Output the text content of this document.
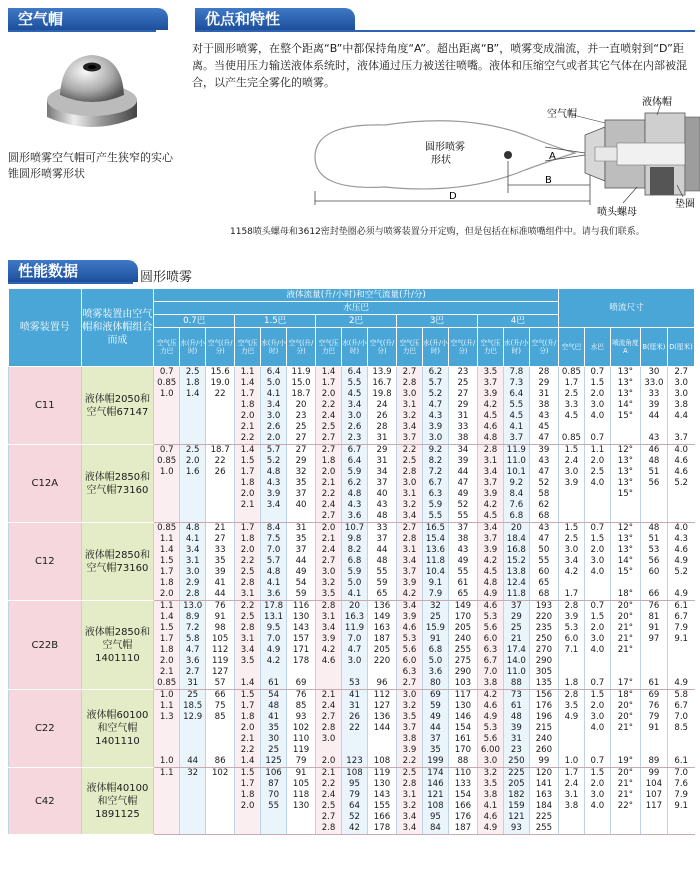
空气帽	优点和特性
圆形喷雾空气帽可产生狭窄的实心锥圆形喷雾形状
对于圆形喷雾，在整个距离“B”中都保持角度“A”。超出距离“B”，喷雾变成湍流，并一直喷射到“D”距离。当使用压力输送液体系统时，液体通过压力被送往喷嘴。液体和压缩空气或者其它气体在内部被混合，以产生完全雾化的喷雾。
圆形喷雾
形状
空气帽
液体帽
垫圈
喷头螺母
A
B
D
1158喷头螺母和3612密封垫圈必须与喷雾装置分开定购，但是包括在标准喷嘴组件中。请与我们联系。
性能数据	圆形喷雾
喷雾装置号	喷雾装置由空气帽和液体帽组合而成	液体流量(升/小时)和空气流量(升/分)															喷流尺寸				
		水压巴																			
		0.7巴			1.5巴			2巴			3巴			4巴							
		空气压力巴	水(升/小时)	空气(升/分)	空气压力巴	水(升/小时)	空气(升/分)	空气压力巴	水(升/小时)	空气(升/分)	空气压力巴	水(升/小时)	空气(升/分)	空气压力巴	水(升/小时)	空气(升/分)	空气巴	水巴	喷流角度A	B(厘米)	D(厘米)
C11	液体帽2050和空气帽67147	0.7	2.5	15.6	1.1	6.4	11.9	1.4	6.4	13.9	2.7	6.2	23	3.5	7.8	28	0.85	0.7	13°	30	2.7
		0.85	1.8	19.0	1.4	5.0	15.0	1.7	5.5	16.7	2.8	5.7	25	3.7	7.3	29	1.7	1.5	13°	33.0	3.0
		1.0	1.4	22	1.7	4.1	18.7	2.0	4.5	19.8	3.0	5.2	27	3.9	6.4	31	2.5	2.0	13°	33	3.0
					1.8	3.4	20	2.2	3.4	24	3.1	4.7	29	4.2	5.5	38	3.3	3.0	14°	39	3.8
					2.0	3.0	23	2.4	3.0	26	3.2	4.3	31	4.5	4.5	43	4.5	4.0	15°	44	4.4
					2.1	2.6	25	2.5	2.6	28	3.4	3.9	33	4.6	4.1	45					
					2.2	2.0	27	2.7	2.3	31	3.7	3.0	38	4.8	3.7	47	0.85	0.7		43	3.7
C12A	液体帽2850和空气帽73160	0.7	2.5	18.7	1.4	5.7	27	2.7	6.7	29	2.2	9.2	34	2.8	11.9	39	1.5	1.1	12°	46	4.0
		0.85	2.0	22	1.5	5.2	29	1.8	6.4	31	2.5	8.2	39	3.1	11.0	43	2.4	2.0	13°	48	4.6
		1.0	1.6	26	1.7	4.8	32	2.0	5.9	34	2.8	7.2	44	3.4	10.1	47	3.0	2.5	13°	51	4.6
					1.8	4.3	35	2.1	6.2	37	3.0	6.7	47	3.7	9.2	52	3.9	4.0	13°	56	5.2
					2.0	3.9	37	2.2	4.8	40	3.1	6.3	49	3.9	8.4	58			15°		
					2.1	3.4	40	2.4	4.3	43	3.2	5.9	52	4.2	7.6	62					
								2.7	3.6	48	3.4	5.5	55	4.5	6.8	68					
C12	液体帽2850和空气帽73160	0.85	4.8	21	1.7	8.4	31	2.0	10.7	33	2.7	16.5	37	3.4	20	43	1.5	0.7	12°	48	4.0
		1.1	4.1	27	1.8	7.5	35	2.1	9.8	37	2.8	15.4	38	3.7	18.4	47	2.5	1.5	13°	51	4.3
		1.4	3.4	33	2.0	7.0	37	2.4	8.2	44	3.1	13.6	43	3.9	16.8	50	3.0	2.0	13°	53	4.6
		1.5	3.1	35	2.2	5.7	44	2.7	6.8	48	3.4	11.8	49	4.2	15.2	55	3.4	3.0	14°	56	4.9
		1.7	3.0	39	2.5	4.8	49	3.0	5.9	55	3.7	10.4	55	4.5	13.8	60	4.2	4.0	15°	60	5.2
		1.8	2.9	41	2.8	4.1	54	3.2	5.0	59	3.9	9.1	61	4.8	12.4	65					
		2.0	2.8	44	3.1	3.6	59	3.5	4.1	65	4.2	7.9	65	4.9	11.8	68	1.7		18°	66	4.9
C22B	液体帽2850和空气帽1401110	1.1	13.0	76	2.2	17.8	116	2.8	20	136	3.4	32	149	4.6	37	193	2.8	0.7	20°	76	6.1
		1.4	8.9	91	2.5	13.1	130	3.1	16.3	149	3.9	25	170	5.3	29	220	3.9	1.5	20°	81	6.7
		1.5	7.2	98	2.8	9.5	143	3.4	11.9	163	4.6	15.9	205	5.6	25	235	5.3	2.0	21°	91	7.9
		1.7	5.8	105	3.1	7.0	157	3.9	7.0	187	5.3	91	240	6.0	21	250	6.0	3.0	21°	97	9.1
		1.8	4.7	112	3.4	4.9	171	4.2	4.7	205	5.6	6.8	255	6.3	17.4	270	7.1	4.0	21°		
		2.0	3.6	119	3.5	4.2	178	4.6	3.0	220	6.0	5.0	275	6.7	14.0	290					
		2.1	2.7	127							6.3	3.6	290	7.0	11.0	305					
		0.85	31	57	1.4	61	69		53	96	2.7	80	103	3.8	88	135	1.8	0.7	17°	61	4.9
C22	液体帽60100和空气帽1401110	1.0	25	66	1.5	54	76	2.1	41	112	3.0	69	117	4.2	73	156	2.8	1.5	18°	69	5.8
		1.1	18.5	75	1.7	48	85	2.4	31	127	3.2	59	130	4.6	61	176	3.5	2.0	20°	76	6.7
		1.3	12.9	85	1.8	41	93	2.7	26	136	3.5	49	146	4.9	48	196	4.9	3.0	20°	79	7.0
					2.0	35	102	2.8	22	144	3.7	44	154	5.3	39	215		4.0	21°	91	8.5
					2.1	30	110	3.0			3.8	37	161	5.6	31	240					
					2.2	25	119				3.9	35	170	6.00	23	260					
		1.0	44	86	1.4	125	79	2.0	123	108	2.2	199	88	3.0	250	99	1.0	0.7	19°	89	6.1
C42	液体帽40100和空气帽1891125	1.1	32	102	1.5	106	91	2.1	108	119	2.5	174	110	3.2	225	120	1.7	1.5	20°	99	7.0
					1.7	87	105	2.2	95	130	2.8	146	133	3.5	205	141	2.4	2.0	21°	104	7.6
					1.8	70	118	2.4	79	143	3.1	121	154	3.8	182	163	3.1	3.0	21°	107	7.9
					2.0	55	130	2.5	64	155	3.2	108	166	4.1	159	184	3.8	4.0	22°	117	9.1
								2.7	52	166	3.4	95	176	4.6	121	225					
								2.8	42	178	3.4	84	187	4.9	93	255					
